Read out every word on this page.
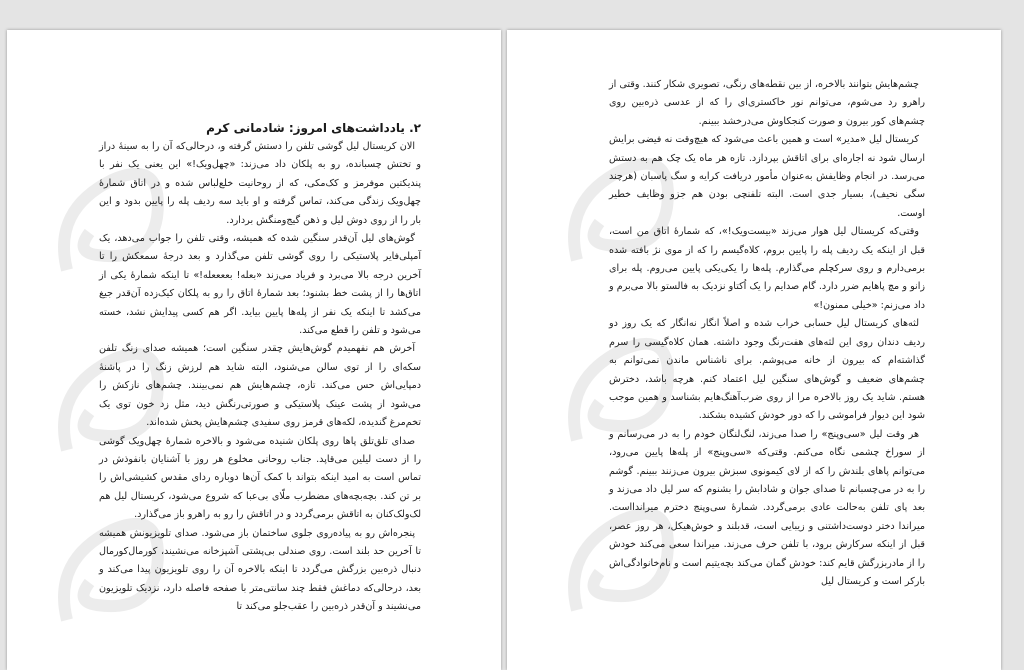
۲. یادداشت‌های امروز: شادمانی کرم

الان کریستال لیل گوشی تلفن را دستش گرفته و، درحالی‌که آن را به سینهٔ دراز و تختش چسبانده، رو به پلکان داد می‌زند: «چهل‌ویک!» این یعنی یک نفر با پندیکتین موفرمز و کک‌مکی، که از روحانیت خلع‌لباس شده و در اتاق شمارهٔ چهل‌ویک زندگی می‌کند، تماس گرفته و او باید سه ردیف پله را پایین بدود و این بار را از روی دوش لیل و ذهن گیج‌ومنگش بردارد.

گوش‌های لیل آن‌قدر سنگین شده که همیشه، وقتی تلفن را جواب می‌دهد، یک آمپلی‌فایر پلاستیکی را روی گوشی تلفن می‌گذارد و بعد درجهٔ سمعکش را تا آخرین درجه بالا می‌برد و فریاد می‌زند «بعله! بععععله!» تا اینکه شمارهٔ یکی از اتاق‌ها را از پشت خط بشنود؛ بعد شمارهٔ اتاق را رو به پلکان کیک‌زده آن‌قدر جیغ می‌کشد تا اینکه یک نفر از پله‌ها پایین بیاید. اگر هم کسی پیدایش نشد، خسته می‌شود و تلفن را قطع می‌کند.

آخرش هم نفهمیدم گوش‌هایش چقدر سنگین است؛ همیشه صدای زنگ تلفن سکه‌ای را از توی سالن می‌شنود، البته شاید هم لرزش زنگ را در پاشنهٔ دمپایی‌اش حس می‌کند. تازه، چشم‌هایش هم نمی‌بینند. چشم‌های نازکش را می‌شود از پشت عینک پلاستیکی و صورتی‌رنگش دید، مثل زد خون توی یک تخم‌مرغ گندیده، لکه‌های قرمز روی سفیدی چشم‌هایش پخش شده‌اند.

صدای تلق‌تلق پاها روی پلکان شنیده می‌شود و بالاخره شمارهٔ چهل‌ویک گوشی را از دست لیلین می‌قاپد. جناب روحانی مخلوع هر روز با آشنایان بانفوذش در تماس است به امید اینکه بتواند با کمک آن‌ها دوباره ردای مقدس کشیشی‌اش را بر تن کند. بچه‌بچه‌های مضطرب ملّای بی‌عبا که شروع می‌شود، کریستال لیل هم لک‌ولک‌کنان به اتاقش برمی‌گردد و در اتاقش را رو به راهرو باز می‌گذارد.

پنجره‌اش رو به پیاده‌روی جلوی ساختمان باز می‌شود. صدای تلویزیونش همیشه تا آخرین حد بلند است. روی صندلی بی‌پشتی آشپزخانه می‌نشیند، کورمال‌کورمال دنبال ذره‌بین بزرگش می‌گردد تا اینکه بالاخره آن را روی تلویزیون پیدا می‌کند و بعد، درحالی‌که دماغش فقط چند سانتی‌متر با صفحه فاصله دارد، نزدیک تلویزیون می‌نشیند و آن‌قدر ذره‌بین را عقب‌جلو می‌کند تا

چشم‌هایش بتوانند بالاخره، از بین نقطه‌های رنگی، تصویری شکار کنند. وقتی از راهرو رد می‌شوم، می‌توانم نور خاکستری‌ای را که از عدسی ذره‌بین روی چشم‌های کور بیرون و صورت کنجکاوش می‌درخشد ببینم.

کریستال لیل «مدیر» است و همین باعث می‌شود که هیچ‌وقت نه فیضی برایش ارسال شود نه اجاره‌ای برای اتاقش بپردازد. تازه هر ماه یک چک هم به دستش می‌رسد. در انجام وظایفش به‌عنوان مأمور دریافت کرایه و سگ پاسبان (هرچند سگی نحیف)، بسیار جدی است. البته تلفنچی بودن هم جزو وظایف خطیر اوست.

وقتی‌که کریستال لیل هوار می‌زند «بیست‌ویک!»، که شمارهٔ اتاق من است، قبل از اینکه یک ردیف پله را پایین بروم، کلاه‌گیسم را که از موی نژ بافته شده برمی‌دارم و روی سرکچلم می‌گذارم. پله‌ها را یکی‌یکی پایین می‌روم. پله برای زانو و مچ پاهایم ضرر دارد. گام صدایم را یک اُکتاو نزدیک به فالستو بالا می‌برم و داد می‌زنم: «خیلی ممنون!»

لثه‌های کریستال لیل حسابی خراب شده و اصلاً انگار نه‌انگار که یک روز دو ردیف دندان روی این لثه‌های هفت‌رنگ وجود داشته. همان کلاه‌گیسی را سرم گذاشته‌ام که بیرون از خانه می‌پوشم. برای ناشناس ماندن نمی‌توانم به چشم‌های ضعیف و گوش‌های سنگین لیل اعتماد کنم. هرچه باشد، دخترش هستم. شاید یک روز بالاخره مرا از روی ضرب‌آهنگ‌هایم بشناسد و همین موجب شود این دیوار فراموشی را که دور خودش کشیده بشکند.

هر وقت لیل «سی‌وپنج» را صدا می‌زند، لنگ‌لنگان خودم را به در می‌رسانم و از سوراخ چشمی نگاه می‌کنم. وقتی‌که «سی‌وپنج» از پله‌ها پایین می‌رود، می‌توانم پاهای بلندش را که از لای کیمونوی سبزش بیرون می‌زنند ببینم. گوشم را به در می‌چسبانم تا صدای جوان و شادابش را بشنوم که سر لیل داد می‌زند و بعد پای تلفن به‌حالت عادی برمی‌گردد. شمارهٔ سی‌وپنج دخترم میراندااست. میراندا دختر دوست‌داشتنی و زیبایی است، قدبلند و خوش‌هیکل، هر روز عصر، قبل از اینکه سرکارش برود، با تلفن حرف می‌زند. میراندا سعی می‌کند خودش را از مادربزرگش قایم کند: خودش گمان می‌کند بچه‌یتیم است و نام‌خانوادگی‌اش بارکر است و کریستال لیل
